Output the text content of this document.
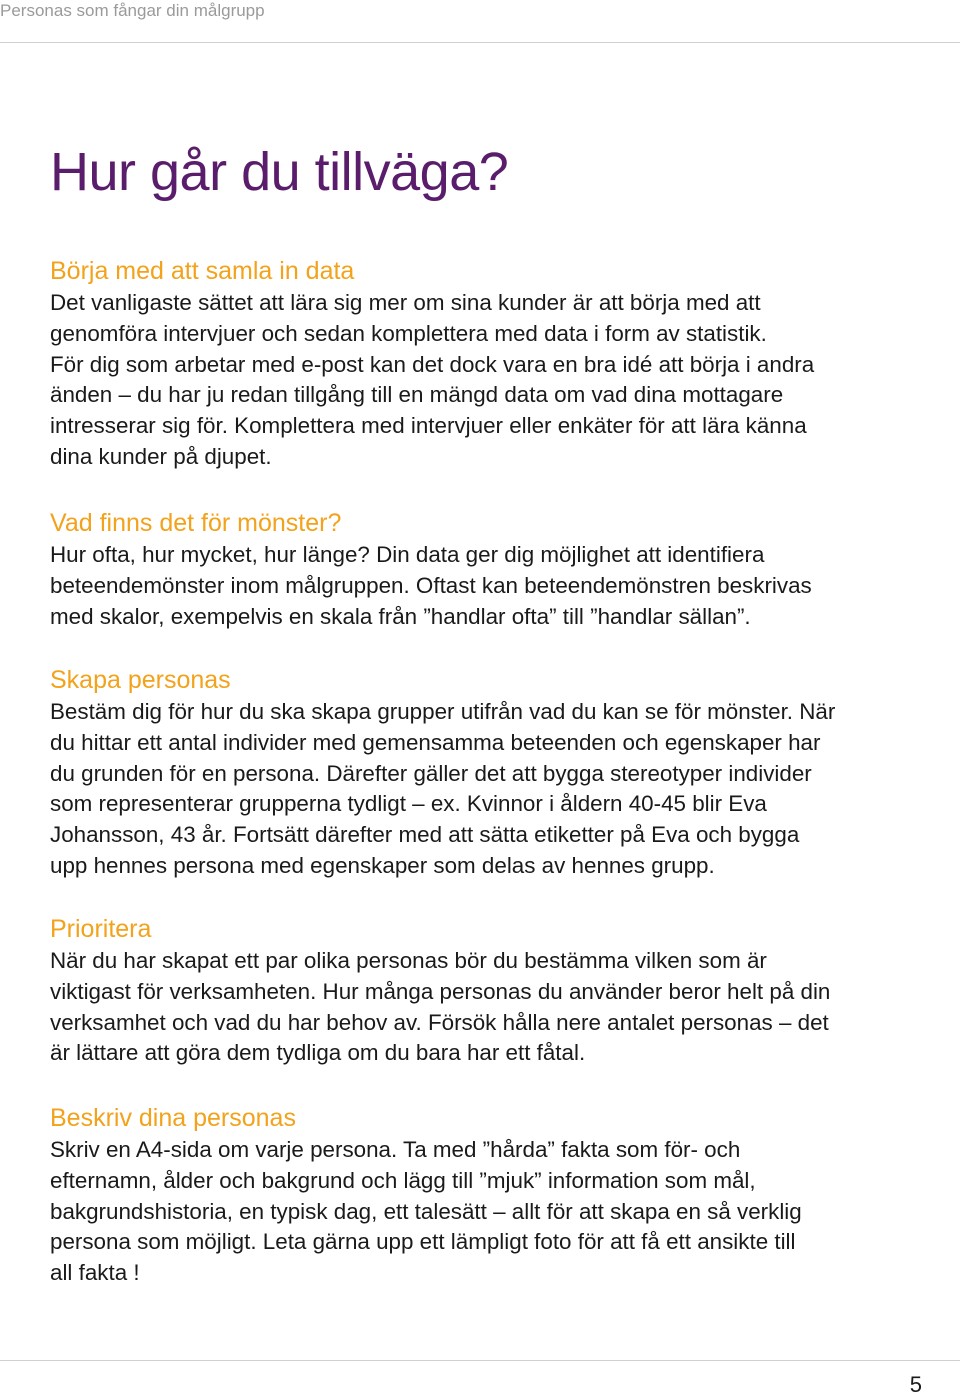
Personas som fångar din målgrupp
Hur går du tillväga?
Börja med att samla in data

Det vanligaste sättet att lära sig mer om sina kunder är att börja med att
genomföra intervjuer och sedan komplettera med data i form av statistik.
För dig som arbetar med e-post kan det dock vara en bra idé att börja i andra
änden – du har ju redan tillgång till en mängd data om vad dina mottagare
intresserar sig för. Komplettera med intervjuer eller enkäter för att lära känna
dina kunder på djupet.

Vad finns det för mönster?

Hur ofta, hur mycket, hur länge? Din data ger dig möjlighet att identifiera
beteendemönster inom målgruppen. Oftast kan beteendemönstren beskrivas
med skalor, exempelvis en skala från ”handlar ofta” till ”handlar sällan”.

Skapa personas

Bestäm dig för hur du ska skapa grupper utifrån vad du kan se för mönster. När
du hittar ett antal individer med gemensamma beteenden och egenskaper har
du grunden för en persona. Därefter gäller det att bygga stereotyper individer
som representerar grupperna tydligt – ex. Kvinnor i åldern 40-45 blir Eva
Johansson, 43 år. Fortsätt därefter med att sätta etiketter på Eva och bygga
upp hennes persona med egenskaper som delas av hennes grupp.

Prioritera

När du har skapat ett par olika personas bör du bestämma vilken som är
viktigast för verksamheten. Hur många personas du använder beror helt på din
verksamhet och vad du har behov av. Försök hålla nere antalet personas – det
är lättare att göra dem tydliga om du bara har ett fåtal.

Beskriv dina personas

Skriv en A4-sida om varje persona. Ta med ”hårda” fakta som för- och
efternamn, ålder och bakgrund och lägg till ”mjuk” information som mål,
bakgrundshistoria, en typisk dag, ett talesätt – allt för att skapa en så verklig
persona som möjligt. Leta gärna upp ett lämpligt foto för att få ett ansikte till
all fakta !

5
